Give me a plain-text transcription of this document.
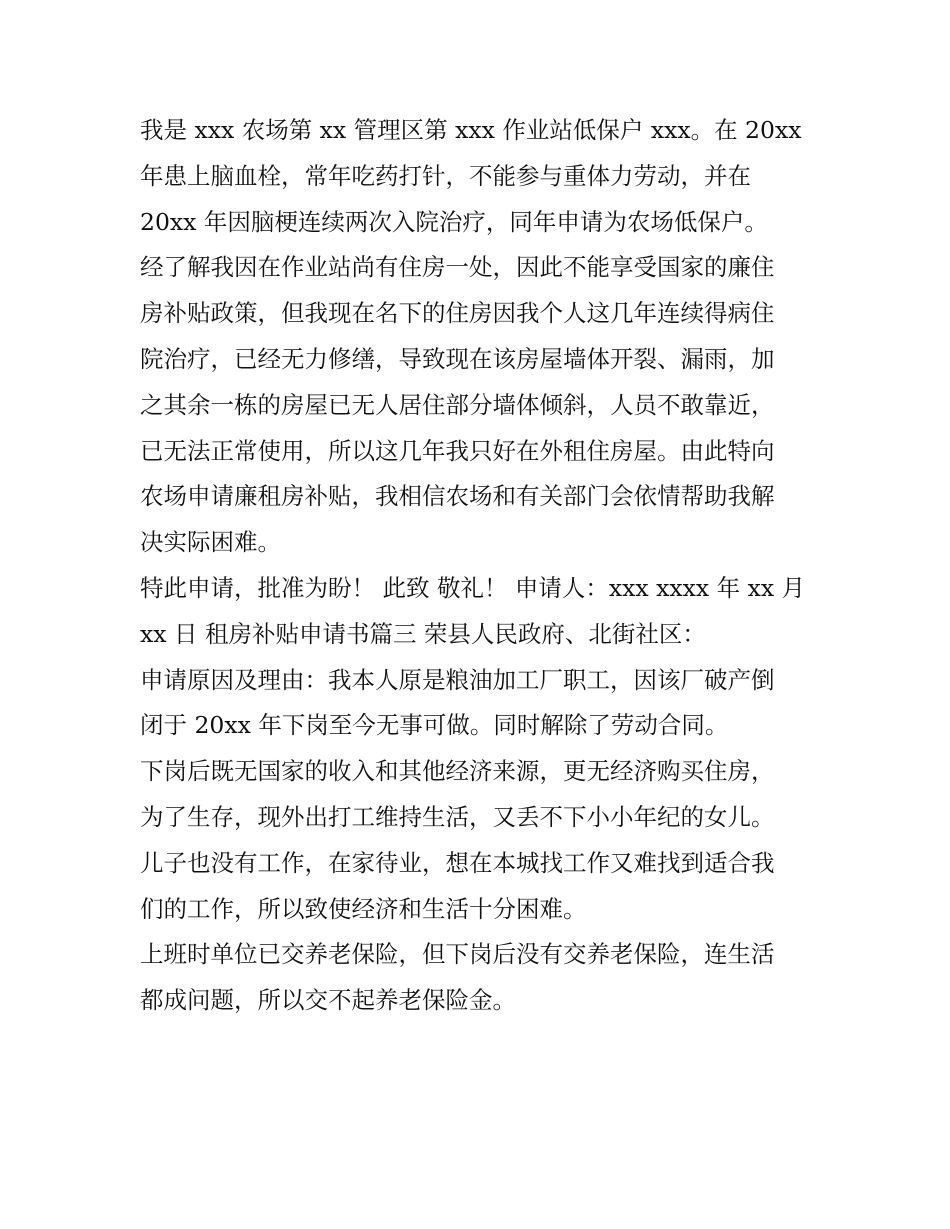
我是 xxx 农场第 xx 管理区第 xxx 作业站低保户 xxx。在 20xx
年患上脑血栓，常年吃药打针，不能参与重体力劳动，并在
20xx 年因脑梗连续两次入院治疗，同年申请为农场低保户。

经了解我因在作业站尚有住房一处，因此不能享受国家的廉住
房补贴政策，但我现在名下的住房因我个人这几年连续得病住
院治疗，已经无力修缮，导致现在该房屋墙体开裂、漏雨，加
之其余一栋的房屋已无人居住部分墙体倾斜，人员不敢靠近，
已无法正常使用，所以这几年我只好在外租住房屋。由此特向
农场申请廉租房补贴，我相信农场和有关部门会依情帮助我解
决实际困难。

特此申请，批准为盼！ 此致 敬礼！ 申请人：xxx xxxx 年 xx 月
xx 日 租房补贴申请书篇三 荣县人民政府、北街社区：

申请原因及理由：我本人原是粮油加工厂职工，因该厂破产倒
闭于 20xx 年下岗至今无事可做。同时解除了劳动合同。

下岗后既无国家的收入和其他经济来源，更无经济购买住房，
为了生存，现外出打工维持生活，又丢不下小小年纪的女儿。

儿子也没有工作，在家待业，想在本城找工作又难找到适合我
们的工作，所以致使经济和生活十分困难。

上班时单位已交养老保险，但下岗后没有交养老保险，连生活
都成问题，所以交不起养老保险金。
